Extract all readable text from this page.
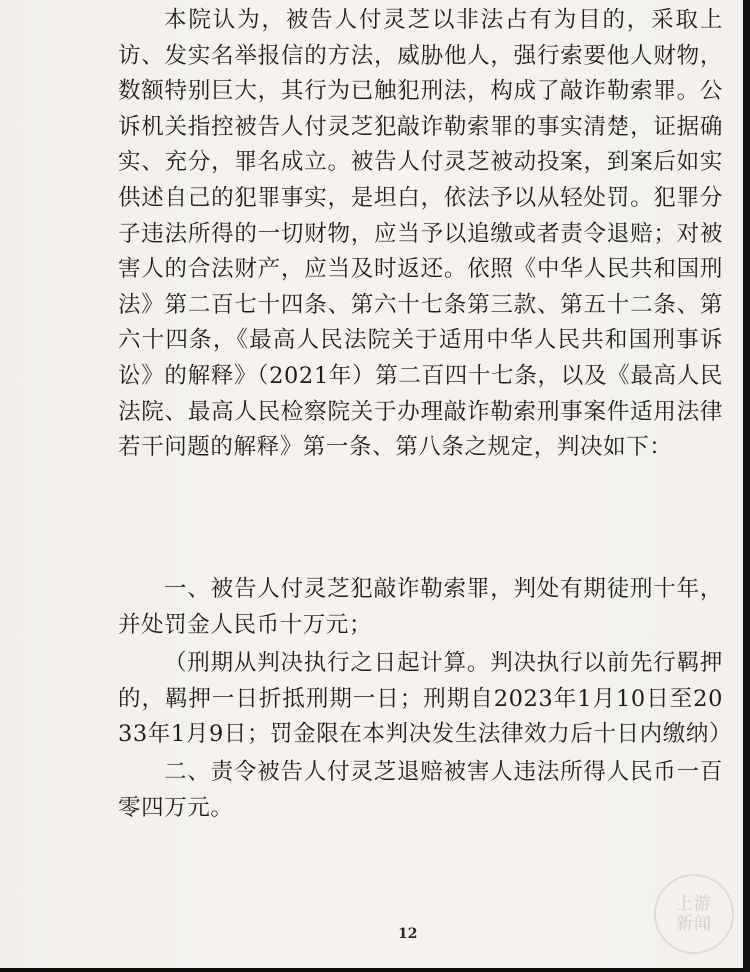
本院认为，被告人付灵芝以非法占有为目的，采取上访、发实名举报信的方法，威胁他人，强行索要他人财物，数额特别巨大，其行为已触犯刑法，构成了敲诈勒索罪。公诉机关指控被告人付灵芝犯敲诈勒索罪的事实清楚，证据确实、充分，罪名成立。被告人付灵芝被动投案，到案后如实供述自己的犯罪事实，是坦白，依法予以从轻处罚。犯罪分子违法所得的一切财物，应当予以追缴或者责令退赔；对被害人的合法财产，应当及时返还。依照《中华人民共和国刑法》第二百七十四条、第六十七条第三款、第五十二条、第六十四条，《最高人民法院关于适用中华人民共和国刑事诉讼》的解释》（2021年）第二百四十七条，以及《最高人民法院、最高人民检察院关于办理敲诈勒索刑事案件适用法律若干问题的解释》第一条、第八条之规定，判决如下：

一、被告人付灵芝犯敲诈勒索罪，判处有期徒刑十年，并处罚金人民币十万元；

（刑期从判决执行之日起计算。判决执行以前先行羁押的，羁押一日折抵刑期一日；刑期自2023年1月10日至2033年1月9日；罚金限在本判决发生法律效力后十日内缴纳）

二、责令被告人付灵芝退赔被害人违法所得人民币一百零四万元。

12
上游
新闻
